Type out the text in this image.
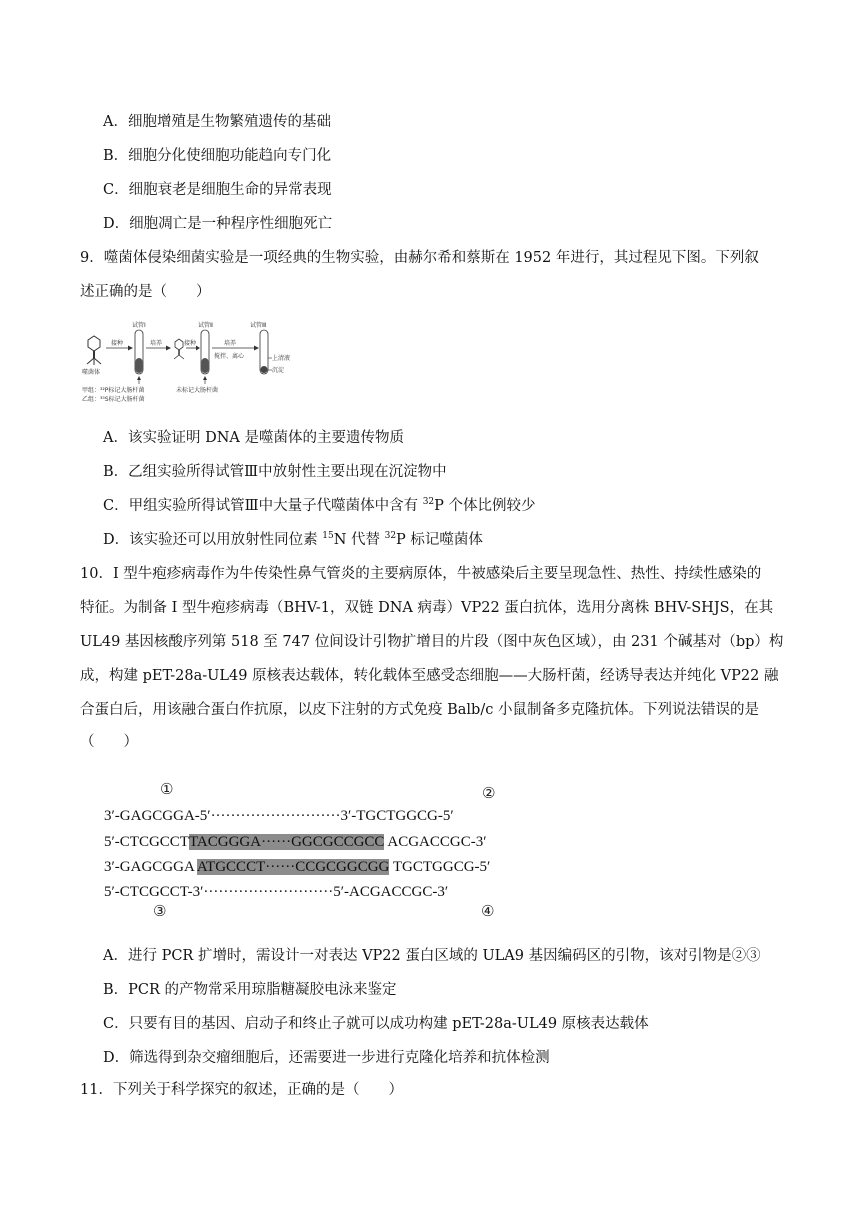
A．细胞增殖是生物繁殖遗传的基础
B．细胞分化使细胞功能趋向专门化
C．细胞衰老是细胞生命的异常表现
D．细胞凋亡是一种程序性细胞死亡
9．噬菌体侵染细菌实验是一项经典的生物实验，由赫尔希和蔡斯在 1952 年进行，其过程见下图。下列叙
述正确的是（　　）
噬菌体
接种
试管Ⅰ
甲组：³²P标记大肠杆菌
乙组：³⁵S标记大肠杆菌
培养	接种
试管Ⅱ
未标记大肠杆菌
培养
搅拌、离心
试管Ⅲ
上清液
沉淀
A．该实验证明 DNA 是噬菌体的主要遗传物质
B．乙组实验所得试管Ⅲ中放射性主要出现在沉淀物中
C．甲组实验所得试管Ⅲ中大量子代噬菌体中含有 $^{32}$P 个体比例较少
D．该实验还可以用放射性同位素 $^{15}$N 代替 $^{32}$P 标记噬菌体
10．I 型牛疱疹病毒作为牛传染性鼻气管炎的主要病原体，牛被感染后主要呈现急性、热性、持续性感染的
特征。为制备 I 型牛疱疹病毒（BHV-1，双链 DNA 病毒）VP22 蛋白抗体，选用分离株 BHV-SHJS，在其
UL49 基因核酸序列第 518 至 747 位间设计引物扩增目的片段（图中灰色区域），由 231 个碱基对（bp）构
成，构建 pET-28a-UL49 原核表达载体，转化载体至感受态细胞——大肠杆菌，经诱导表达并纯化 VP22 融
合蛋白后，用该融合蛋白作抗原，以皮下注射的方式免疫 Balb/c 小鼠制备多克隆抗体。下列说法错误的是
（　　）
①	②
3′-GAGCGGA-5′··························3′-TGCTGGCG-5′
5′-CTCGCCTTACGGGA······GGCGCCGCC ACGACCGC-3′
3′-GAGCGGA ATGCCCT······CCGCGGCGG TGCTGGCG-5′
5′-CTCGCCT-3′··························5′-ACGACCGC-3′
③	④
A．进行 PCR 扩增时，需设计一对表达 VP22 蛋白区域的 ULA9 基因编码区的引物，该对引物是②③
B．PCR 的产物常采用琼脂糖凝胶电泳来鉴定
C．只要有目的基因、启动子和终止子就可以成功构建 pET-28a-UL49 原核表达载体
D．筛选得到杂交瘤细胞后，还需要进一步进行克隆化培养和抗体检测
11．下列关于科学探究的叙述，正确的是（　　）
